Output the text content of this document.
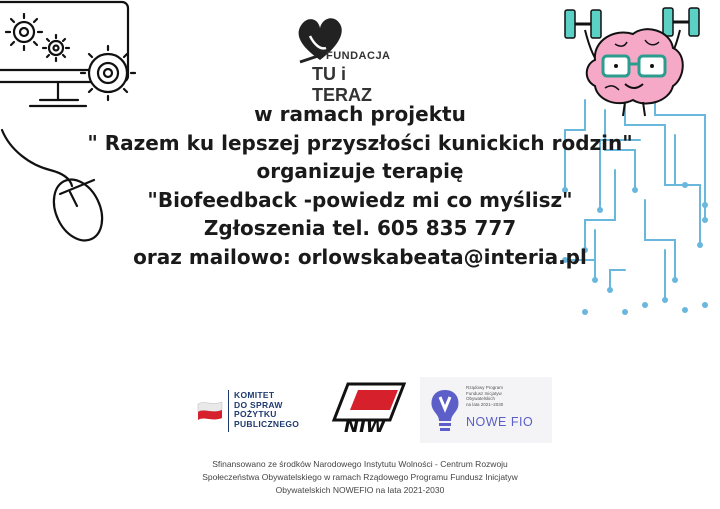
FUNDACJA
TU i TERAZ
w ramach projektu
" Razem ku lepszej przyszłości kunickich rodzin"
organizuje terapię
"Biofeedback -powiedz mi co myślisz"
Zgłoszenia tel. 605 835 777
oraz mailowo: orlowskabeata@interia.pl
KOMITET
DO SPRAW
POŻYTKU
PUBLICZNEGO NIW
Rządowy Program
Fundusz Inicjatyw
Obywatelskich
na lata 2021–2030
NOWE FIO
Sfinansowano ze środków Narodowego Instytutu Wolności - Centrum Rozwoju
Społeczeństwa Obywatelskiego w ramach Rządowego Programu Fundusz Inicjatyw
Obywatelskich NOWEFIO na lata 2021-2030
